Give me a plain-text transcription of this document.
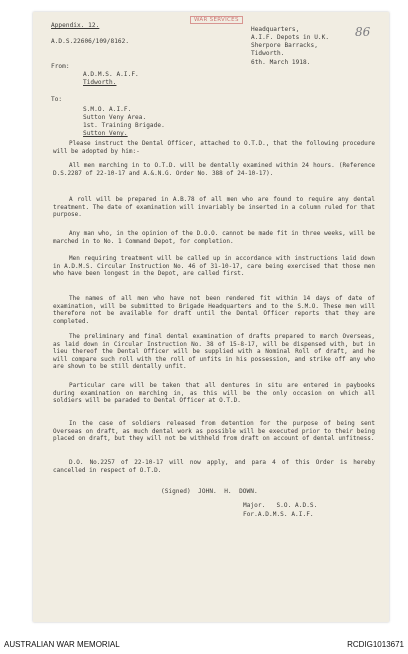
WAR SERVICES
86
Appendix. 12.
A.D.S.22606/109/8162.
Headquarters,
A.I.F. Depots in U.K.
Sherpore Barracks,
Tidworth.
6th. March 1918.
From:
A.D.M.S. A.I.F.
Tidworth.
To:
S.M.O. A.I.F.
Sutton Veny Area.
1st. Training Brigade.
Sutton Veny.
Please instruct the Dental Officer, attached to O.T.D., that the following procedure will be adopted by him:-
All men marching in to O.T.D. will be dentally examined within 24 hours. (Reference D.S.2287 of 22-10-17 and A.&.N.G. Order No. 388 of 24-10-17).
A roll will be prepared in A.B.78 of all men who are found to require any dental treatment. The date of examination will invariably be inserted in a column ruled for that purpose.
Any man who, in the opinion of the D.O.O. cannot be made fit in three weeks, will be marched in to No. 1 Command Depot, for completion.
Men requiring treatment will be called up in accordance with instructions laid down in A.D.M.S. Circular Instruction No. 46 of 31-10-17, care being exercised that those men who have been longest in the Depot, are called first.
The names of all men who have not been rendered fit within 14 days of date of examination, will be submitted to Brigade Headquarters and to the S.M.O. These men will therefore not be available for draft until the Dental Officer reports that they are completed.
The preliminary and final dental examination of drafts prepared to march Overseas, as laid down in Circular Instruction No. 38 of 15-8-17, will be dispensed with, but in lieu thereof the Dental Officer will be supplied with a Nominal Roll of draft, and he will compare such roll with the roll of unfits in his possession, and strike off any who are shown to be still dentally unfit.
Particular care will be taken that all dentures in situ are entered in paybooks during examination on marching in, as this will be the only occasion on which all soldiers will be paraded to Dental Officer at O.T.D.
In the case of soldiers released from detention for the purpose of being sent Overseas on draft, as much dental work as possible will be executed prior to their being placed on draft, but they will not be withheld from draft on account of dental unfitness.
D.O. No.2257 of 22-10-17 will now apply, and para 4 of this Order is hereby cancelled in respect of O.T.D.
(Signed)  JOHN.  H.  DOWN.
Major.   S.O. A.D.S.
For.A.D.M.S. A.I.F.
AUSTRALIAN WAR MEMORIAL	RCDIG1013671
